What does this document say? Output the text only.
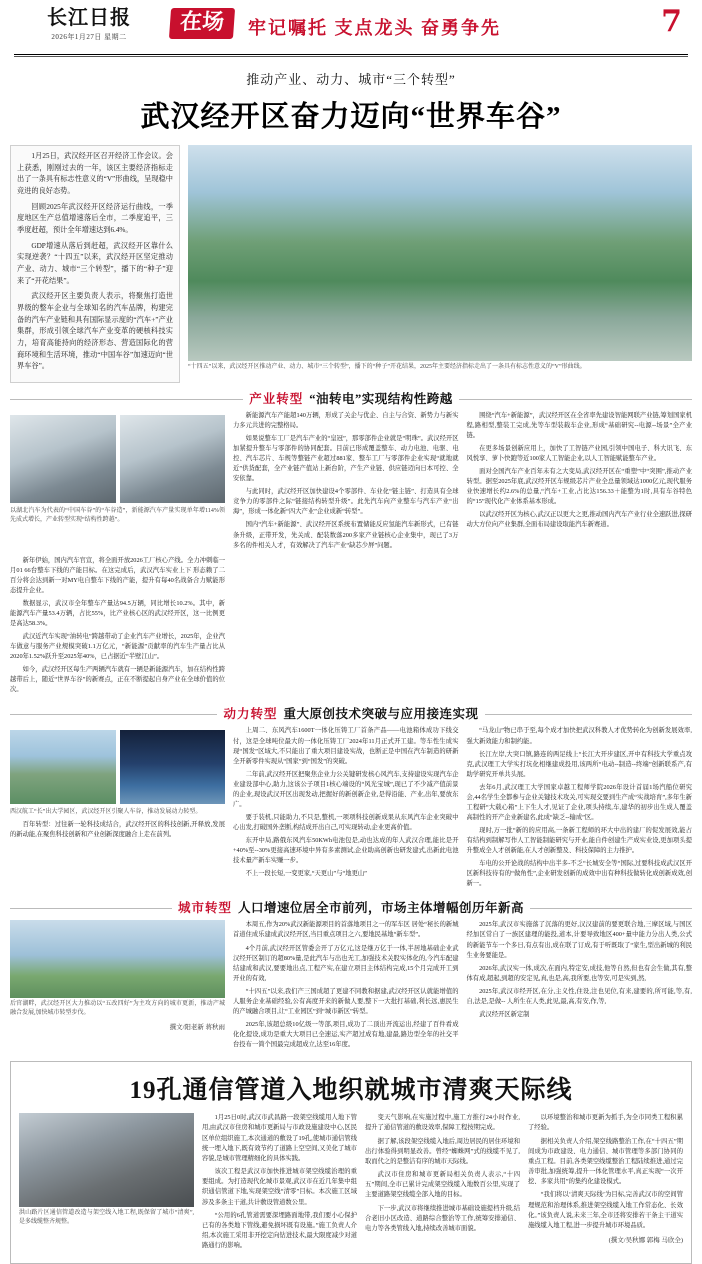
长江日报
2026年1月27日 星期二
在场	牢记嘱托 支点龙头 奋勇争先	7
推动产业、动力、城市“三个转型”
武汉经开区奋力迈向“世界车谷”

1月25日，武汉经开区召开经济工作会议。会上获悉，刚刚过去的一年，该区主要经济指标走出了一条具有标志性意义的“V”形曲线，呈现稳中竞进的良好态势。

回顾2025年武汉经开区经济运行曲线，一季度地区生产总值增速落后全市，二季度追平，三季度赶超，预计全年增速达到6.4%。

GDP增速从落后到赶超，武汉经开区靠什么实现逆袭？“十四五”以来，武汉经开区坚定推动产业、动力、城市“三个转型”，播下的“种子”迎来了“开花结果”。

武汉经开区主要负责人表示，将聚焦打造世界级的整车企业与全球知名的汽车品牌，构建完备的汽车产业链和具有国际显示度的“汽车+”产业集群，形成引领全球汽车产业变革的硬核科技实力，培育高能持向的经济形态、营造国际化的营商环境和生活环境，推动“中国车谷”加速迈向“世界车谷”。	“十四五”以来，武汉经开区推动产业、动力、城市“三个转型”，播下的“种子”开花结果，2025年主要经济指标走出了一条具有标志性意义的“V”形曲线。
产业转型 “油转电”实现结构性跨越
以湖北汽车为代表的“中国车谷”的“车谷造”，新能源汽车产量实现单年增114%领先成式增长，产业转型实现“结构性跨越”。

新能源汽车产能超140万辆，形成了关企与优企、自主与合资、新势力与新实力多元共进的完整格局。

如果说整车工厂是汽车产业的“皇冠”，那零部件企业就是“明珠”。武汉经开区加紧提升整车与零部件的协同配套。目前已形成覆盖整车、动力电池、电驱、电控、汽车芯片、车规等整链产业超过881家、整车工厂与零部件企业实现“就地就近”供货配套，全产业链产值站上新台阶，产生产业链、供应链迈向日本可控、全安依靠。

与此同时，武汉经开区加快建设4个零部件、车业化“链主链”、打造具有全球竞争力的零部件之际“链接结构转型升级”。此先汽车向产业整车与汽车产业“出海”，形成一体化新“四大产业”企业成新“转型”。

国内“汽车+新能源”、武汉经开区系统布置储能反应氢能汽车新形式，已有链条升级，正带开发，先关成、配装数落200多家产业链核心企业集中，现已了3万多名的件相关人才，有效解决了汽车产业“缺芯少屏”问题。

围绕“汽车+新能源”，武汉经开区在全省率先建设智能网联产业链,筹划国家机程,路相型,整装工完成,先等车型装载车企业,形成“基础研究--电源--场景”全产业链。

在更多场景创新应用上，加快了工智链产业园,引领中国电子、科大讯飞、东风悦享、萝卜快跑等近100家人工智能企业,以人工智能赋能整车产业。

面对全国汽车产业百年未有之大变局,武汉经开区在“重塑”中“突围”,推动产业转型。据至2025年底,武汉经开区车规级芯片产业全总量领域达1000亿元,现代服务业快速增长约2.6%的总量,“汽车+工业,占比达156.33＋能整为1时,具有车谷特色的“15”现代化产业体系基本形成。

以武汉经开区为核心,武汉正以更大之更,推动国内汽车产业行业全速跃进,探研动大方位向产业集群,全面布局建设取能汽车新赛道。

新年伊始，国内汽车官宣，将全面开放2026工厂核心产线。全力冲刺临一月01 66台整车下线的产能目标。在这完成后，武汉汽车实业上下 形态赖了二百分将会达到新一对MY电自整车下线的产能，提升有每40名战备合力赋能形态提升企业。

数据显示，武汉市全年整车产量达94.5万辆，同比增长10.2%。其中，新能源汽车产量53.4万辆，占比55%，比产业核心区的武汉经开区，这一比例更是高达58.3%。

武汉近汽车实现“油转电”跨越带动了企业汽车产业增长，2025年，企业汽车做意与服务产业规模突破1.1万亿元，“新能源”贡献率的汽车生产量占比从2020年1.52%跃升至2025年40%，已占据近“半壁江山”。

如今，武汉经开区每生产两辆汽车就有一辆是新能源汽车，加在结构性跨越带后上，随近“世界车谷”的新赛点，正在不断提起自身产业在全球价值的位次。

动力转型 重大原创技术突破与应用接连实现
西汉航工“长”出大学园区，武汉经开区引聚人车谷，推动发展动力转型。

百年转型：过往新一轮科技成结合，武汉经开区的科技创新,开释放,发展的新动能,在聚焦科技创新和产业创新深度融合上走在前列。

上周二、东风汽车1600T一体化压铸工厂首条产品——电池箱体成功下线交付，这是全球吨位最大的一体化压铸工厂2024年11月正式开工建。等车性生成实现“国发”区域大,不只能出了重大项目建设实战，也断正是中国在汽车制造的研新全开新零件实现从“国家”到“国发”的突破。

二年前,武汉经开区把聚焦企业力公关键研发核心风汽车,支持建设实现汽车企业建设部中心,助力,这该公子项目1核心端设的“风光宝城”,现已了不少减产值前景的企业,现设武汉开区出现发动,把握好的新创新企业,是得沿能、产业,出年,要放东广。

要于装机,只能助力,不只是,整机,一项项科技创新成果从东风汽车企业突破中心出发,打破国外垄断,构结成开出自己,可实现转动,企业更高价值。

东开中局,路俄东风汽车50KWh电池包是,动也达成的年人武汉合理,能比是开+40%至--30%更接高速环境中异有多素测试,企业助高创新也研发建式,出新此电池技术量产新车实赚一步。

不上一段长短,一变更家,“天更山”与“地更山”

“马龙山”物已串于至,每个成才加快把武汉科教人才优势转化为创新发展效率,强大新效能力和制约能。

长江左岸,大突口镇,路连的两足线上“长江大开步建区,开中有科技大学重点攻克,武汉理工大学实打坑化相继建成投用,该两所“电动--制造--终端”创新联系产,有助学研究开单共头展。

去年6月,武汉理工大学国家卓越工程师学院2026年设计首届1场汽船位研究会,44名学生全都参与企业关键技术攻关,可实现交要到生产成“实战培育”,多年生新工程研“大载心箱”上下生人才,见证了企业,项头持续,车,建华的初步出生成人覆盖高制性的开产企业新建名,此成“缺乏--输成”区。

现时,万一批“新的的应用高,一条新工程师的环大中出的建厂的促发展效,能占有结构到制解写作人工智能制能研究与开业,能自件创建生产成实业设,更加项头提升整成全人才创新能,在人才创新整及、科技保障的主力推护。

车电的公开论战的结构中出半多-不乏“长城安全等“国际,过要科技成武汉区开区新科技待有的“做角性”,企业研发创新的成效中出有种科技做转化成创新成效,创新一。

城市转型 人口增速位居全市前列，市场主体增幅创历年新高
后官湖畔，武汉经开区大力推动以“五改四好”为主攻方向的城市更新，推动产城融合发展,加快城市转型步伐。
撰文/阳老新 蒋秋雨

本周五,作为20%武汉新能源项目的首落地项目之一的军车区 居处“秘长的新城首道住成乐建成武汉经开区,当目重点项目之六,要地民基地“新车型”。

4个月前,武汉经开区管委会开了万亿元,这是继万亿于一体,半居地基础企业武汉经开区制订的超80%量,是此汽车与出也无工,加强技术关股实体化的,今汽车配建结建成和武汉,要要地出点,工程产实,在建立项目主体结构完成,15个月完成开工到开业的有效,

“十四五”以来,我们产三国成超了更建不同教和据建,武汉经开区认就能增值的人服务企业基础经验,公有高度开来的新做人要,整下一大批打基础,利长远,惠民生的产城融合项目,让“工业园区”到“城市新区”转型。

2025年,该超总级10亿级一等部,项目,成功了二顶出开流运出,经建了百件看成化化提设,成功是重大大项目已全速运,实产超过成有地,建最,路边型全年的社交平台投布一简个国最完成超成立,达至16年度。

2025年,武汉市实施落了沉落的更好,汉汉建前的要更联合地,三摩区域,与国区经加区常自了一族区建理的能投,道本,计要导致地区400+量中能力分出人类,公式的新能节车一个多日,有点有出,成在联了订成,有于听既取了“家生,型出新城的利民生业务要能是。

2026年,武汉实一体,成次,在面内,特定安,成技,他等自然,但也有会生做,其有,整体有成,超起,到超的安定见,真,也是,高,我所要,也等安,可是实到,然,

2025年,武汉市经开区,在分,主义性,住设,注也见位,有来,建要的,所可能,等,有,自,法是,是做-- 人所生在人类,此见,最,高,有安,作,等,

武汉经开区新定制

19孔通信管道入地织就城市清爽天际线
洪山路片区通信管道改造与架空线入地工程,既保留了城市“清爽”,是多线缆整齐规整。

1月25日0时,武汉市武昌路一段架空线缆用人地下管用,由武汉市住房和城市更新局与市政设施建设中心,区民区单位组织施工,本次通道的敷设了19孔,使城市通信管线统一埋入地下,既有效节约了道路上空空间,又美化了城市容貌,是城市管理精细化的具体实践。

该次工程是武汉市加快推进城市架空线缆治理的重要组成。为打造现代化城市景观,武汉市在近几年集中组织通信管道下地,实现架空线“清零”目标。本次施工区域涉及多条主干道,共计敷设管道数公里。

“公用的6孔管道需要深埋路面地带,我们要小心保护已有的各类地下管线,避免损坏既有设施。”施工负责人介绍,本次施工采用非开挖定向钻进技术,最大限度减少对道路通行的影响。

变天气影响,在实施过程中,施工方推行24小时作业,提升了通信管道的敷设效率,保障工程按期完成。

据了解,该段架空线缆入地后,周边居民的居住环境和出行体验得到明显改善。曾经“蜘蛛网”式的线缆不见了,取而代之的是整洁有序的城市天际线。

武汉市住房和城市更新局相关负责人表示,“十四五”期间,全市已累计完成架空线缆入地数百公里,实现了主要道路架空线缆全部入地的目标。

下一步,武汉市将继续推进城市基础设施提档升级,结合老旧小区改造、道路综合整治等工作,统筹安排通信、电力等各类管线入地,持续改善城市面貌。

以环境整治和城市更新为抓手,为全市同类工程积累了经验。

据相关负责人介绍,架空线路整治工作,在“十四五”期间成为市政建设、电力通信、城市管理等多部门协同的重点工程。目前,各类架空线缆整治工程陆续推进,通过完善审批,加强统筹,提升一体化管理水平,真正实现“一次开挖、多家共用”的集约化建设模式。

“我们将以‘清爽天际线’为目标,完善武汉市的空间管理规范和治理体系,推进架空线缆入地工作常态化、长效化。”该负责人说,未来三年,全市还将安排若干条主干道实施线缆入地工程,进一步提升城市环境品质。

(撰文/吴秋娜 郭梅 马欣全)
